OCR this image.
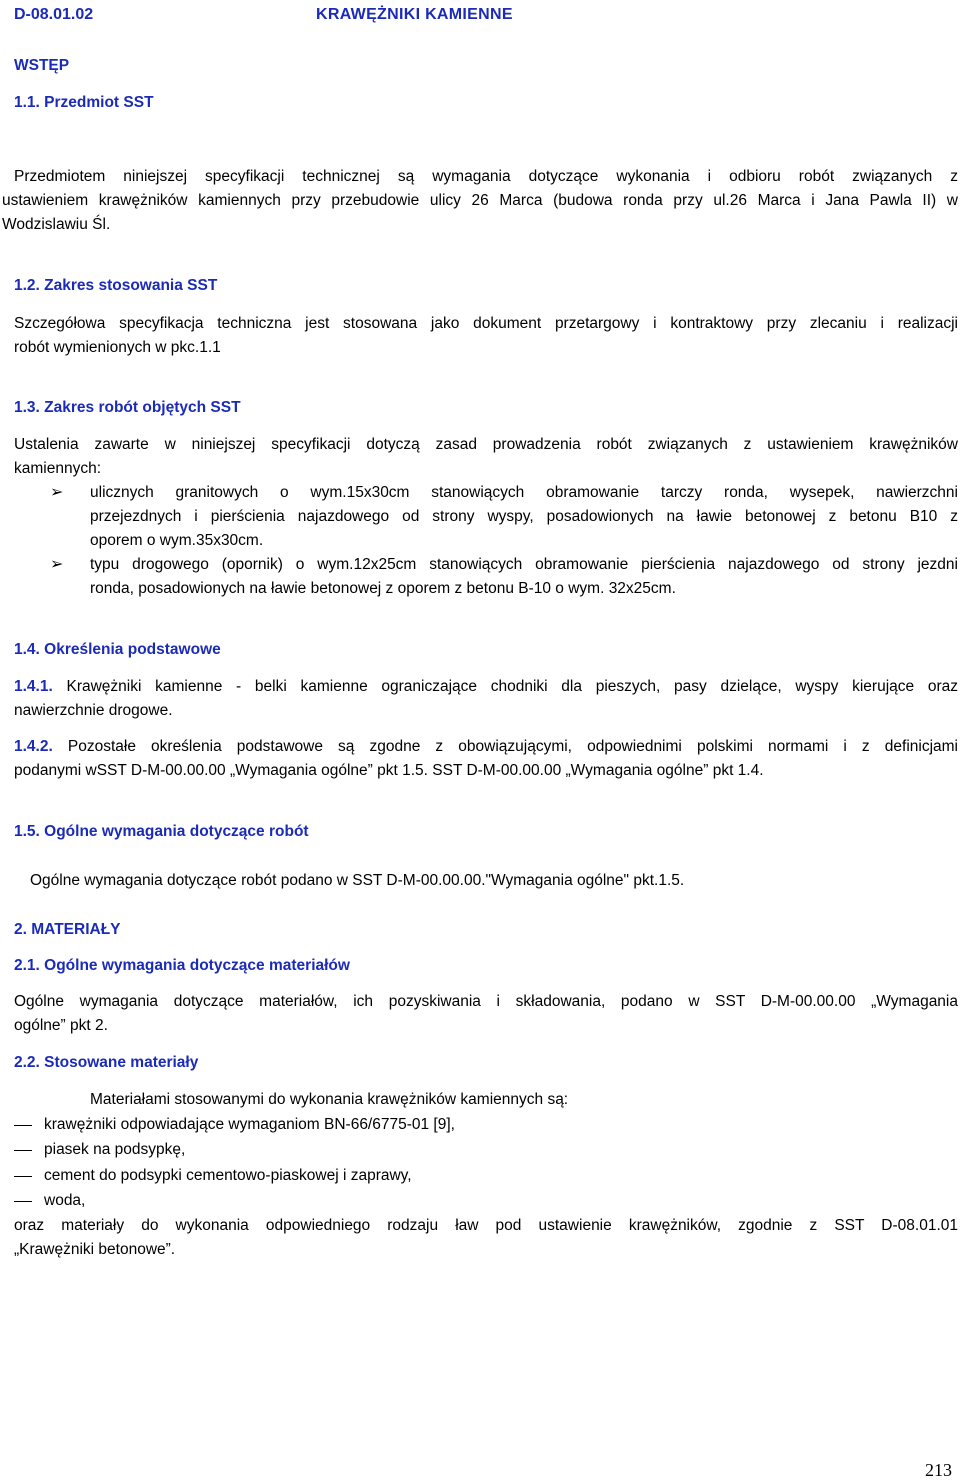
D-08.01.02	KRAWĘŻNIKI KAMIENNE
WSTĘP
1.1. Przedmiot SST
Przedmiotem niniejszej specyfikacji technicznej są wymagania dotyczące wykonania i odbioru robót związanych z
ustawieniem krawężników kamiennych przy przebudowie ulicy 26 Marca (budowa ronda przy ul.26 Marca i Jana Pawla II) w
Wodzislawiu Śl.
1.2. Zakres stosowania SST
Szczegółowa specyfikacja techniczna jest stosowana jako dokument przetargowy i kontraktowy przy zlecaniu i realizacji
robót wymienionych w pkc.1.1
1.3. Zakres robót objętych SST
Ustalenia zawarte w niniejszej specyfikacji dotyczą zasad prowadzenia robót związanych z ustawieniem krawężników
kamiennych:
➢ ulicznych granitowych o wym.15x30cm stanowiących obramowanie tarczy ronda, wysepek, nawierzchni
przejezdnych i pierścienia najazdowego od strony wyspy, posadowionych na ławie betonowej z betonu B10 z
oporem o wym.35x30cm.
➢ typu drogowego (opornik) o wym.12x25cm stanowiących obramowanie pierścienia najazdowego od strony jezdni
ronda, posadowionych na ławie betonowej z oporem z betonu B-10 o wym. 32x25cm.
1.4. Określenia podstawowe
1.4.1. Krawężniki kamienne - belki kamienne ograniczające chodniki dla pieszych, pasy dzielące, wyspy kierujące oraz
nawierzchnie drogowe.
1.4.2. Pozostałe określenia podstawowe są zgodne z obowiązującymi, odpowiednimi polskimi normami i z definicjami
podanymi wSST D-M-00.00.00 „Wymagania ogólne” pkt 1.5. SST D-M-00.00.00 „Wymagania ogólne” pkt 1.4.
1.5. Ogólne wymagania dotyczące robót
Ogólne wymagania dotyczące robót podano w SST D-M-00.00.00."Wymagania ogólne" pkt.1.5.
2. MATERIAŁY
2.1. Ogólne wymagania dotyczące materiałów
Ogólne wymagania dotyczące materiałów, ich pozyskiwania i składowania, podano w SST D-M-00.00.00 „Wymagania
ogólne” pkt 2.
2.2. Stosowane materiały
Materiałami stosowanymi do wykonania krawężników kamiennych są:
krawężniki odpowiadające wymaganiom BN-66/6775-01 [9],
piasek na podsypkę,
cement do podsypki cementowo-piaskowej i zaprawy,
woda,
oraz materiały do wykonania odpowiedniego rodzaju ław pod ustawienie krawężników, zgodnie z SST D-08.01.01
„Krawężniki betonowe”.
213
